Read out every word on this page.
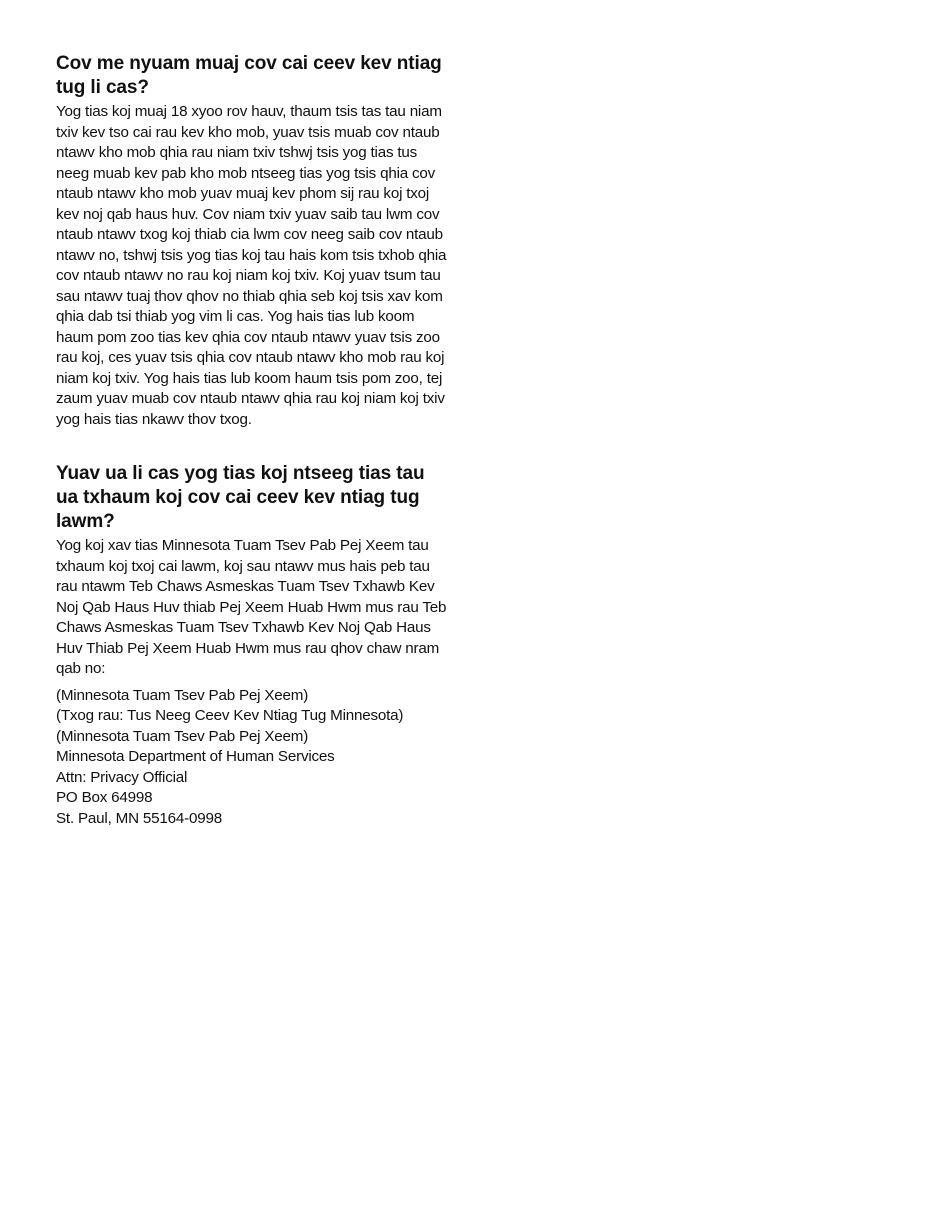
Cov me nyuam muaj cov cai ceev kev ntiag tug li cas?

Yog tias koj muaj 18 xyoo rov hauv, thaum tsis tas tau niam txiv kev tso cai rau kev kho mob, yuav tsis muab cov ntaub ntawv kho mob qhia rau niam txiv tshwj tsis yog tias tus neeg muab kev pab kho mob ntseeg tias yog tsis qhia cov ntaub ntawv kho mob yuav muaj kev phom sij rau koj txoj kev noj qab haus huv. Cov niam txiv yuav saib tau lwm cov ntaub ntawv txog koj thiab cia lwm cov neeg saib cov ntaub ntawv no, tshwj tsis yog tias koj tau hais kom tsis txhob qhia cov ntaub ntawv no rau koj niam koj txiv. Koj yuav tsum tau sau ntawv tuaj thov qhov no thiab qhia seb koj tsis xav kom qhia dab tsi thiab yog vim li cas. Yog hais tias lub koom haum pom zoo tias kev qhia cov ntaub ntawv yuav tsis zoo rau koj, ces yuav tsis qhia cov ntaub ntawv kho mob rau koj niam koj txiv. Yog hais tias lub koom haum tsis pom zoo, tej zaum yuav muab cov ntaub ntawv qhia rau koj niam koj txiv yog hais tias nkawv thov txog.

Yuav ua li cas yog tias koj ntseeg tias tau ua txhaum koj cov cai ceev kev ntiag tug lawm?

Yog koj xav tias Minnesota Tuam Tsev Pab Pej Xeem tau txhaum koj txoj cai lawm, koj sau ntawv mus hais peb tau rau ntawm Teb Chaws Asmeskas Tuam Tsev Txhawb Kev Noj Qab Haus Huv thiab Pej Xeem Huab Hwm mus rau Teb Chaws Asmeskas Tuam Tsev Txhawb Kev Noj Qab Haus Huv Thiab Pej Xeem Huab Hwm mus rau qhov chaw nram qab no:

(Minnesota Tuam Tsev Pab Pej Xeem)
(Txog rau: Tus Neeg Ceev Kev Ntiag Tug Minnesota)
(Minnesota Tuam Tsev Pab Pej Xeem)
Minnesota Department of Human Services
Attn: Privacy Official
PO Box 64998
St. Paul, MN 55164-0998
